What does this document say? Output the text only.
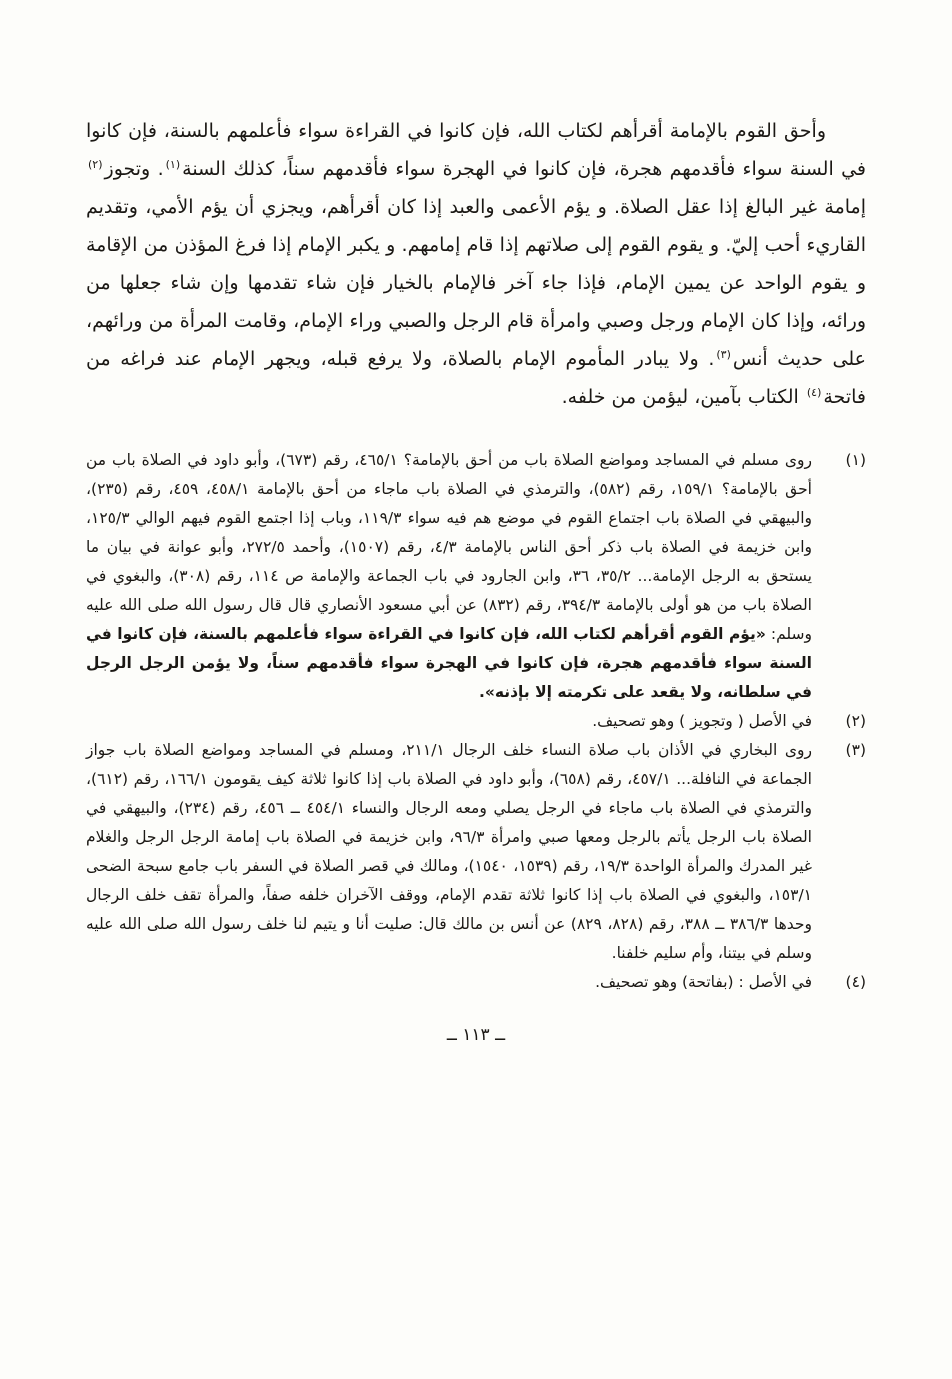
وأحق القوم بالإمامة أقرأهم لكتاب الله، فإن كانوا في القراءة سواء فأعلمهم بالسنة، فإن كانوا في السنة سواء فأقدمهم هجرة، فإن كانوا في الهجرة سواء فأقدمهم سناً، كذلك السنة$^{(١)}$. وتجوز$^{(٢)}$ إمامة غير البالغ إذا عقل الصلاة. و يؤم الأعمى والعبد إذا كان أقرأهم، ويجزي أن يؤم الأمي، وتقديم القاريء أحب إليّ. و يقوم القوم إلى صلاتهم إذا قام إمامهم. و يكبر الإمام إذا فرغ المؤذن من الإقامة و يقوم الواحد عن يمين الإمام، فإذا جاء آخر فالإمام بالخيار فإن شاء تقدمها وإن شاء جعلها من ورائه، وإذا كان الإمام ورجل وصبي وامرأة قام الرجل والصبي وراء الإمام، وقامت المرأة من ورائهم، على حديث أنس$^{(٣)}$. ولا يبادر المأموم الإمام بالصلاة، ولا يرفع قبله، ويجهر الإمام عند فراغه من فاتحة$^{(٤)}$ الكتاب بآمين، ليؤمن من خلفه.

(١)
روى مسلم في المساجد ومواضع الصلاة باب من أحق بالإمامة؟ ٤٦٥/١، رقم (٦٧٣)، وأبو داود في الصلاة باب من أحق بالإمامة؟ ١٥٩/١، رقم (٥٨٢)، والترمذي في الصلاة باب ماجاء من أحق بالإمامة ٤٥٨/١، ٤٥٩، رقم (٢٣٥)، والبيهقي في الصلاة باب اجتماع القوم في موضع هم فيه سواء ١١٩/٣، وباب إذا اجتمع القوم فيهم الوالي ١٢٥/٣، وابن خزيمة في الصلاة باب ذكر أحق الناس بالإمامة ٤/٣، رقم (١٥٠٧)، وأحمد ٢٧٢/٥، وأبو عوانة في بيان ما يستحق به الرجل الإمامة... ٣٥/٢، ٣٦، وابن الجارود في باب الجماعة والإمامة ص ١١٤، رقم (٣٠٨)، والبغوي في الصلاة باب من هو أولى بالإمامة ٣٩٤/٣، رقم (٨٣٢) عن أبي مسعود الأنصاري قال قال رسول الله صلى الله عليه وسلم: «يؤم القوم أقرأهم لكتاب الله، فإن كانوا في القراءة سواء فأعلمهم بالسنة، فإن كانوا في السنة سواء فأقدمهم هجرة، فإن كانوا في الهجرة سواء فأقدمهم سناً، ولا يؤمن الرجل الرجل في سلطانه، ولا يقعد على تكرمته إلا بإذنه».
(٢)
في الأصل ( وتجويز ) وهو تصحيف.
(٣)
روى البخاري في الأذان باب صلاة النساء خلف الرجال ٢١١/١، ومسلم في المساجد ومواضع الصلاة باب جواز الجماعة في النافلة... ٤٥٧/١، رقم (٦٥٨)، وأبو داود في الصلاة باب إذا كانوا ثلاثة كيف يقومون ١٦٦/١، رقم (٦١٢)، والترمذي في الصلاة باب ماجاء في الرجل يصلي ومعه الرجال والنساء ٤٥٤/١ ــ ٤٥٦، رقم (٢٣٤)، والبيهقي في الصلاة باب الرجل يأتم بالرجل ومعها صبي وامرأة ٩٦/٣، وابن خزيمة في الصلاة باب إمامة الرجل الرجل والغلام غير المدرك والمرأة الواحدة ١٩/٣، رقم (١٥٣٩، ١٥٤٠)، ومالك في قصر الصلاة في السفر باب جامع سبحة الضحى ١٥٣/١، والبغوي في الصلاة باب إذا كانوا ثلاثة تقدم الإمام، ووقف الآخران خلفه صفاً، والمرأة تقف خلف الرجال وحدها ٣٨٦/٣ ــ ٣٨٨، رقم (٨٢٨، ٨٢٩) عن أنس بن مالك قال: صليت أنا و يتيم لنا خلف رسول الله صلى الله عليه وسلم في بيتنا، وأم سليم خلفنا.
(٤)
في الأصل : (بفاتحة) وهو تصحيف.
ــ ١١٣ ــ
